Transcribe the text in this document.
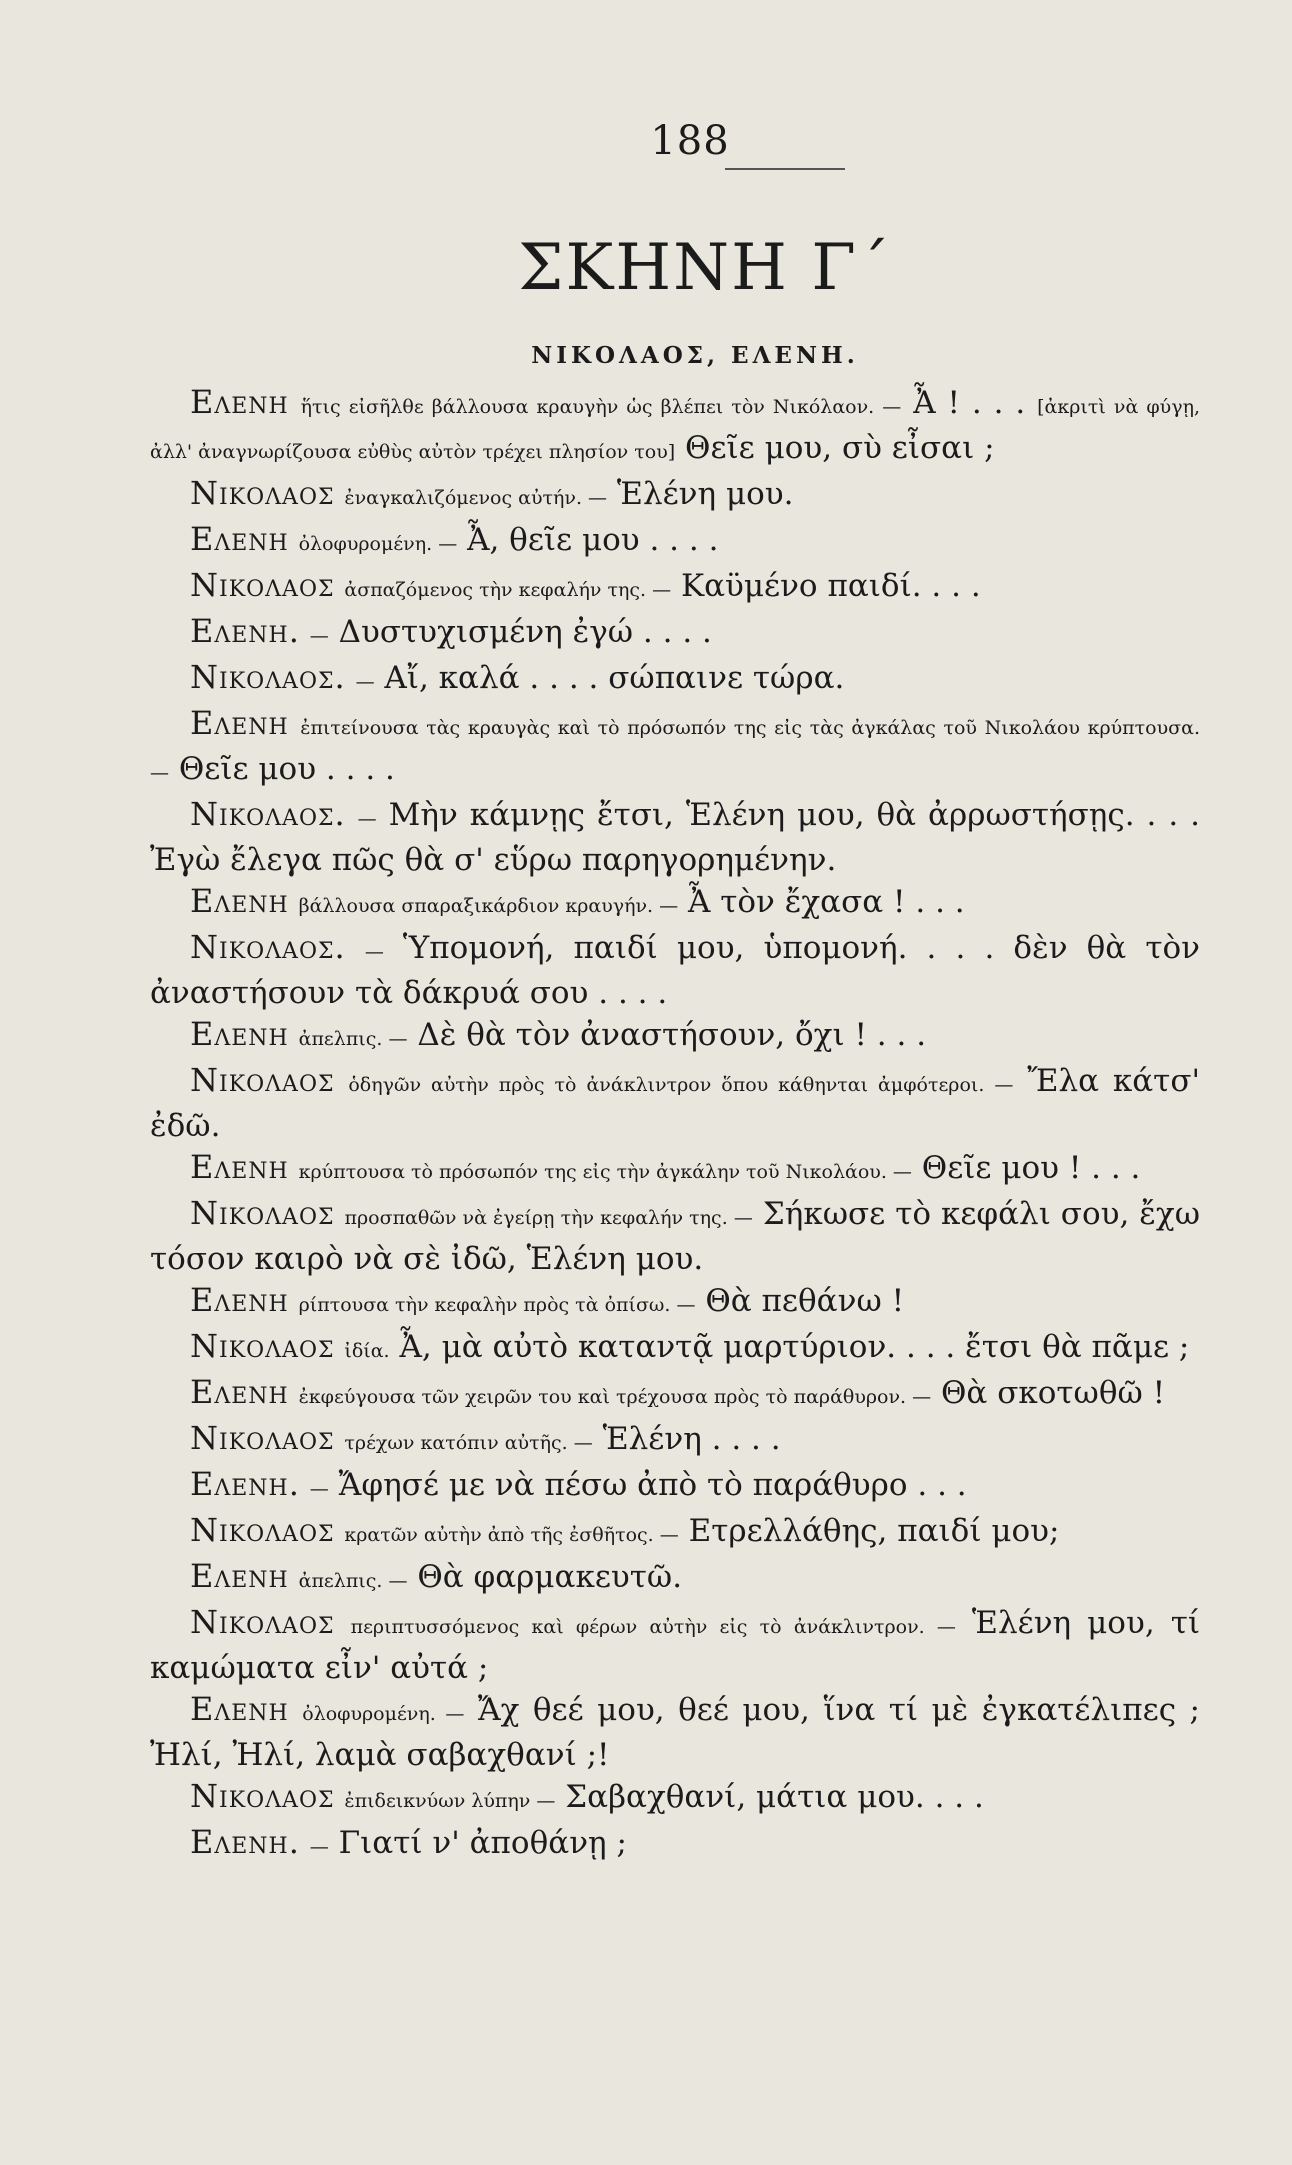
188
ΣΚΗΝΗ Γ΄
ΝΙΚΟΛΑΟΣ, ΕΛΕΝΗ.

Ελενη ἥτις εἰσῆλθε βάλλουσα κραυγὴν ὡς βλέπει τὸν Νικόλαον. — Ἆ ! . . . [ἀκριτὶ νὰ φύγῃ, ἀλλ' ἀναγνωρίζουσα εὐθὺς αὐτὸν τρέχει πλησίον του] Θεῖε μου, σὺ εἶσαι ;

Νικολαος ἐναγκαλιζόμενος αὐτήν. — Ἑλένη μου.

Ελενη ὀλοφυρομένη. — Ἆ, θεῖε μου . . . .

Νικολαος ἀσπαζόμενος τὴν κεφαλήν της. — Καϋμένο παιδί. . . .

Ελενη. — Δυστυχισμένη ἐγώ . . . .

Νικολαος. — Αἴ, καλά . . . . σώπαινε τώρα.

Ελενη ἐπιτείνουσα τὰς κραυγὰς καὶ τὸ πρόσωπόν της εἰς τὰς ἀγκάλας τοῦ Νικολάου κρύπτουσα. — Θεῖε μου . . . .

Νικολαος. — Μὴν κάμνῃς ἔτσι, Ἑλένη μου, θὰ ἀρρωστήσῃς. . . . Ἐγὼ ἔλεγα πῶς θὰ σ' εὕρω παρηγορημένην.

Ελενη βάλλουσα σπαραξικάρδιον κραυγήν. — Ἆ τὸν ἔχασα ! . . .

Νικολαος. — Ὑπομονή, παιδί μου, ὑπομονή. . . . δὲν θὰ τὸν ἀναστήσουν τὰ δάκρυά σου . . . .

Ελενη ἀπελπις. — Δὲ θὰ τὸν ἀναστήσουν, ὄχι ! . . .

Νικολαος ὁδηγῶν αὐτὴν πρὸς τὸ ἀνάκλιντρον ὅπου κάθηνται ἀμφότεροι. — Ἔλα κάτσ' ἐδῶ.

Ελενη κρύπτουσα τὸ πρόσωπόν της εἰς τὴν ἀγκάλην τοῦ Νικολάου. — Θεῖε μου ! . . .

Νικολαος προσπαθῶν νὰ ἐγείρῃ τὴν κεφαλήν της. — Σήκωσε τὸ κεφάλι σου, ἔχω τόσον καιρὸ νὰ σὲ ἰδῶ, Ἑλένη μου.

Ελενη ρίπτουσα τὴν κεφαλὴν πρὸς τὰ ὀπίσω. — Θὰ πεθάνω !

Νικολαος ἰδία. Ἆ, μὰ αὐτὸ καταντᾷ μαρτύριον. . . . ἔτσι θὰ πᾶμε ;

Ελενη ἐκφεύγουσα τῶν χειρῶν του καὶ τρέχουσα πρὸς τὸ παράθυρον. — Θὰ σκοτωθῶ !

Νικολαος τρέχων κατόπιν αὐτῆς. — Ἑλένη . . . .

Ελενη. — Ἄφησέ με νὰ πέσω ἀπὸ τὸ παράθυρο . . .

Νικολαος κρατῶν αὐτὴν ἀπὸ τῆς ἐσθῆτος. — Ετρελλάθης, παιδί μου;

Ελενη ἀπελπις. — Θὰ φαρμακευτῶ.

Νικολαος περιπτυσσόμενος καὶ φέρων αὐτὴν εἰς τὸ ἀνάκλιντρον. — Ἑλένη μου, τί καμώματα εἶν' αὐτά ;

Ελενη ὀλοφυρομένη. — Ἄχ θεέ μου, θεέ μου, ἵνα τί μὲ ἐγκατέλιπες ; Ἠλί, Ἠλί, λαμὰ σαβαχθανί ;!

Νικολαος ἐπιδεικνύων λύπην — Σαβαχθανί, μάτια μου. . . .

Ελενη. — Γιατί ν' ἀποθάνῃ ;
